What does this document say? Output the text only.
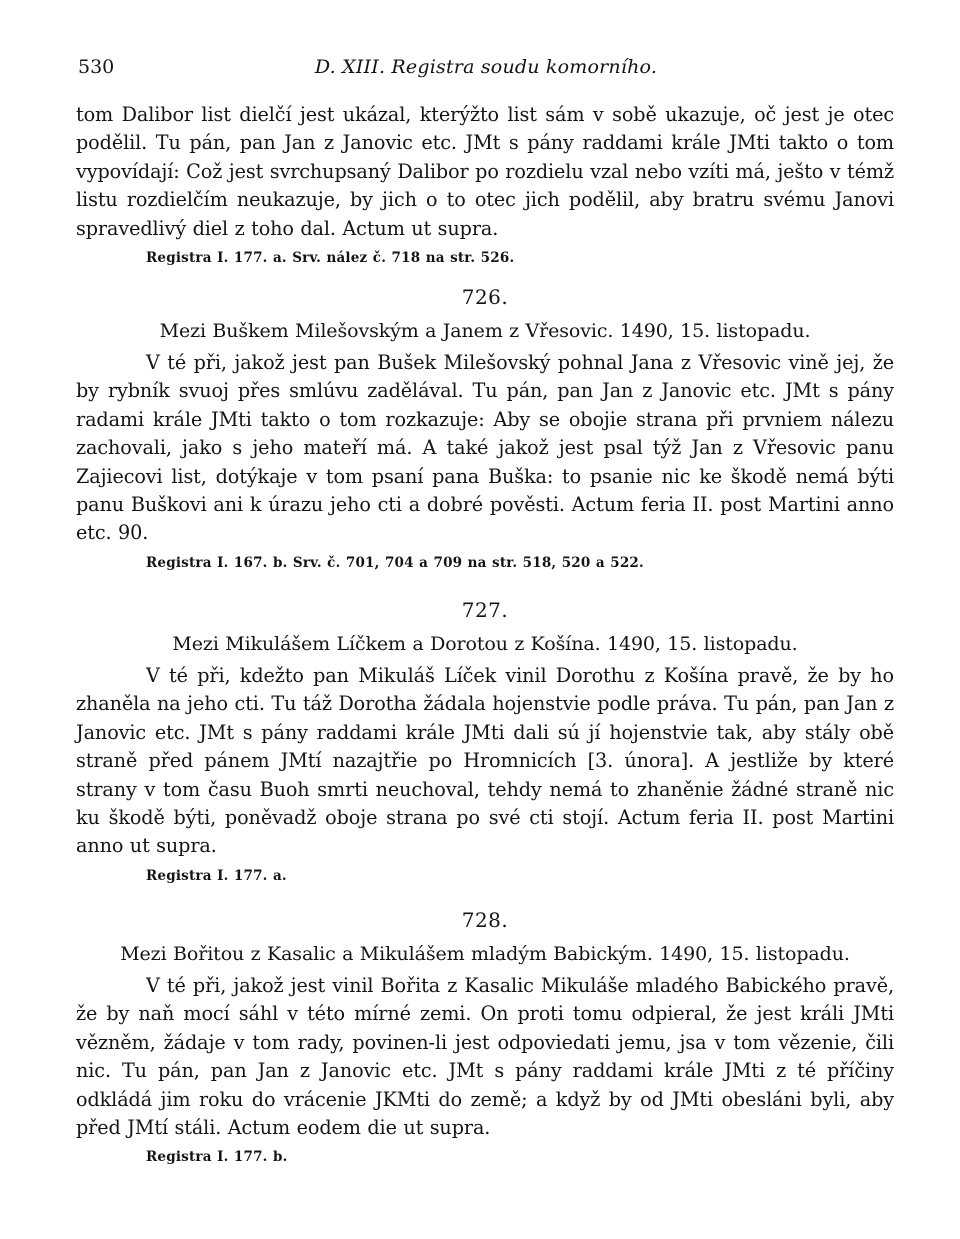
530	D. XIII. Registra soudu komorního.

tom Dalibor list dielčí jest ukázal, kterýžto list sám v sobě ukazuje, oč jest je otec podělil. Tu pán, pan Jan z Janovic etc. JMt s pány raddami krále JMti takto o tom vypovídají: Což jest svrchupsaný Dalibor po rozdielu vzal nebo vzíti má, ješto v témž listu rozdielčím neukazuje, by jich o to otec jich podělil, aby bratru svému Janovi spravedlivý diel z toho dal. Actum ut supra.

Registra I. 177. a. Srv. nález č. 718 na str. 526.
726.
Mezi Buškem Milešovským a Janem z Vřesovic. 1490, 15. listopadu.

V té při, jakož jest pan Bušek Milešovský pohnal Jana z Vřesovic vině jej, že by rybník svuoj přes smlúvu zadělával. Tu pán, pan Jan z Janovic etc. JMt s pány radami krále JMti takto o tom rozkazuje: Aby se obojie strana při prvniem nálezu zachovali, jako s jeho mateří má. A také jakož jest psal týž Jan z Vřesovic panu Zajiecovi list, dotýkaje v tom psaní pana Buška: to psanie nic ke škodě nemá býti panu Buškovi ani k úrazu jeho cti a dobré pověsti. Actum feria II. post Martini anno etc. 90.

Registra I. 167. b. Srv. č. 701, 704 a 709 na str. 518, 520 a 522.
727.
Mezi Mikulášem Líčkem a Dorotou z Košína. 1490, 15. listopadu.

V té při, kdežto pan Mikuláš Líček vinil Dorothu z Košína pravě, že by ho zhaněla na jeho cti. Tu táž Dorotha žádala hojenstvie podle práva. Tu pán, pan Jan z Janovic etc. JMt s pány raddami krále JMti dali sú jí hojenstvie tak, aby stály obě straně před pánem JMtí nazajtřie po Hromnicích [3. února]. A jestliže by které strany v tom času Buoh smrti neuchoval, tehdy nemá to zhaněnie žádné straně nic ku škodě býti, poněvadž oboje strana po své cti stojí. Actum feria II. post Martini anno ut supra.

Registra I. 177. a.
728.
Mezi Bořitou z Kasalic a Mikulášem mladým Babickým. 1490, 15. listopadu.

V té při, jakož jest vinil Bořita z Kasalic Mikuláše mladého Babického pravě, že by naň mocí sáhl v této mírné zemi. On proti tomu odpieral, že jest králi JMti vězněm, žádaje v tom rady, povinen-li jest odpoviedati jemu, jsa v tom vězenie, čili nic. Tu pán, pan Jan z Janovic etc. JMt s pány raddami krále JMti z té příčiny odkládá jim roku do vrácenie JKMti do země; a když by od JMti obesláni byli, aby před JMtí stáli. Actum eodem die ut supra.

Registra I. 177. b.
